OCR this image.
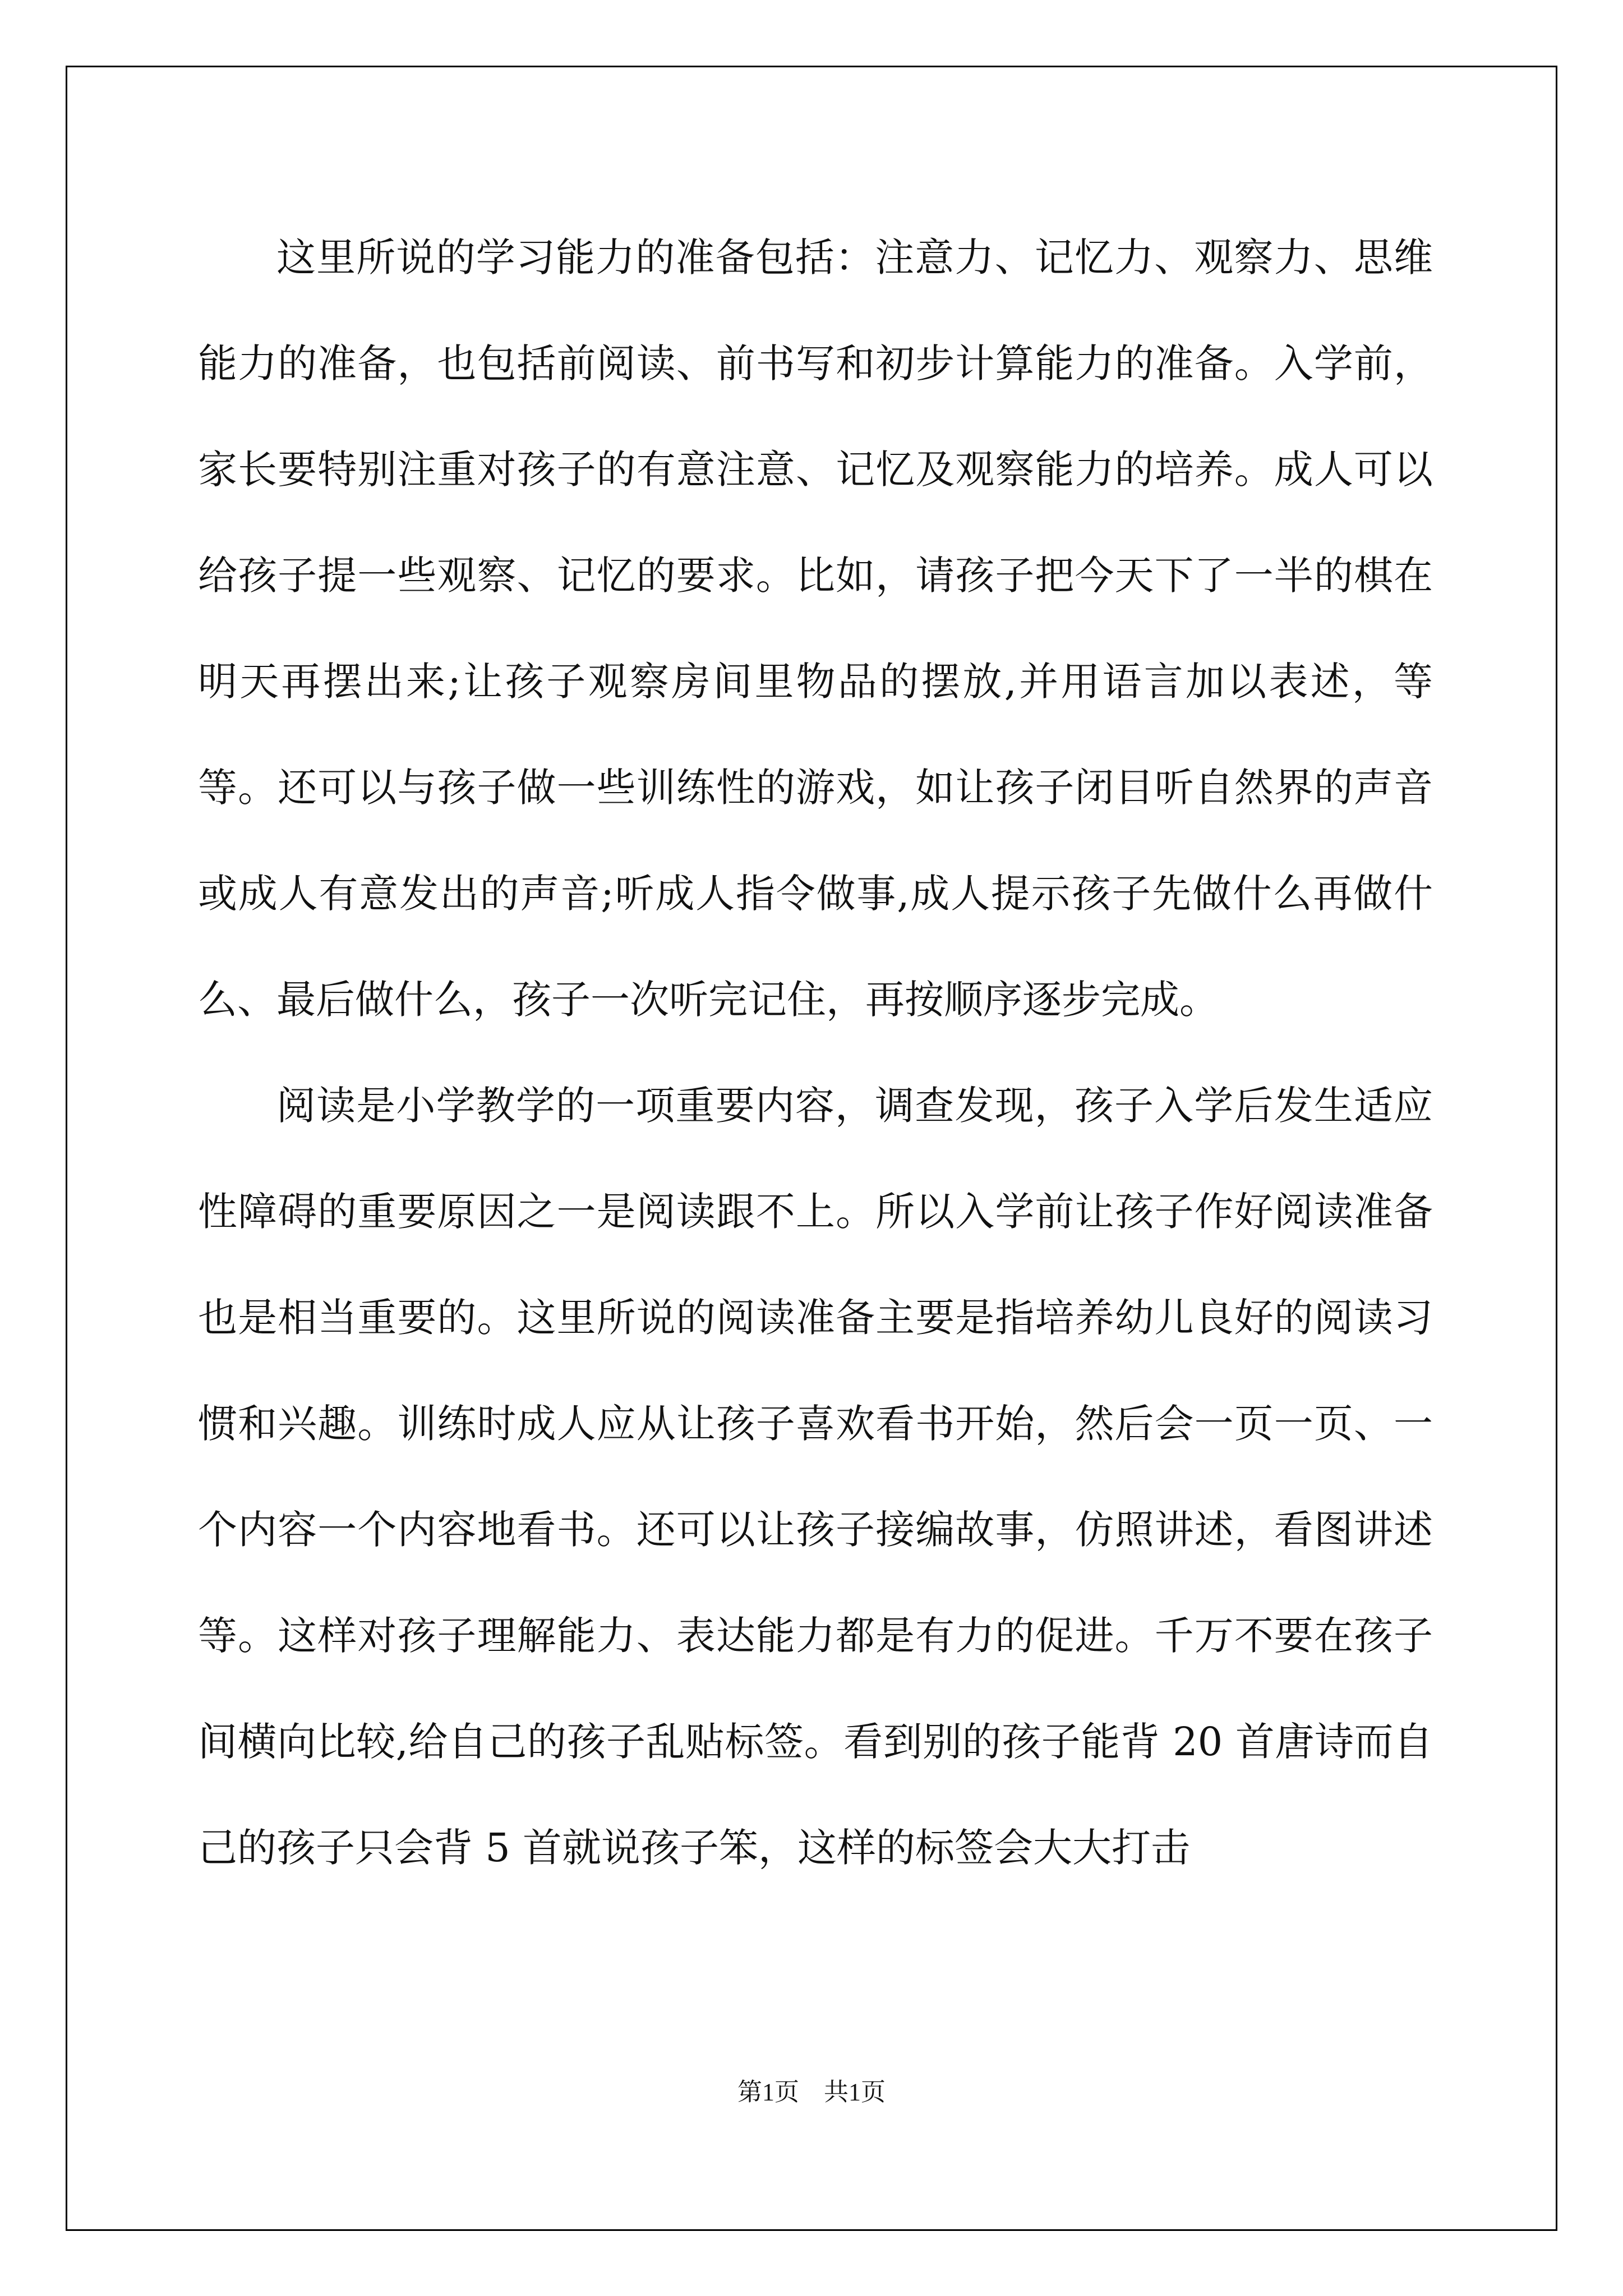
这里所说的学习能力的准备包括：注意力、记忆力、观察力、思维能力的准备，也包括前阅读、前书写和初步计算能力的准备。入学前，家长要特别注重对孩子的有意注意、记忆及观察能力的培养。成人可以给孩子提一些观察、记忆的要求。比如，请孩子把今天下了一半的棋在明天再摆出来;让孩子观察房间里物品的摆放,并用语言加以表述，等等。还可以与孩子做一些训练性的游戏，如让孩子闭目听自然界的声音或成人有意发出的声音;听成人指令做事,成人提示孩子先做什么再做什么、最后做什么，孩子一次听完记住，再按顺序逐步完成。

阅读是小学教学的一项重要内容，调查发现，孩子入学后发生适应性障碍的重要原因之一是阅读跟不上。所以入学前让孩子作好阅读准备也是相当重要的。这里所说的阅读准备主要是指培养幼儿良好的阅读习惯和兴趣。训练时成人应从让孩子喜欢看书开始，然后会一页一页、一个内容一个内容地看书。还可以让孩子接编故事，仿照讲述，看图讲述等。这样对孩子理解能力、表达能力都是有力的促进。千万不要在孩子间横向比较,给自己的孩子乱贴标签。看到别的孩子能背 20 首唐诗而自己的孩子只会背 5 首就说孩子笨，这样的标签会大大打击

第1页　共1页
